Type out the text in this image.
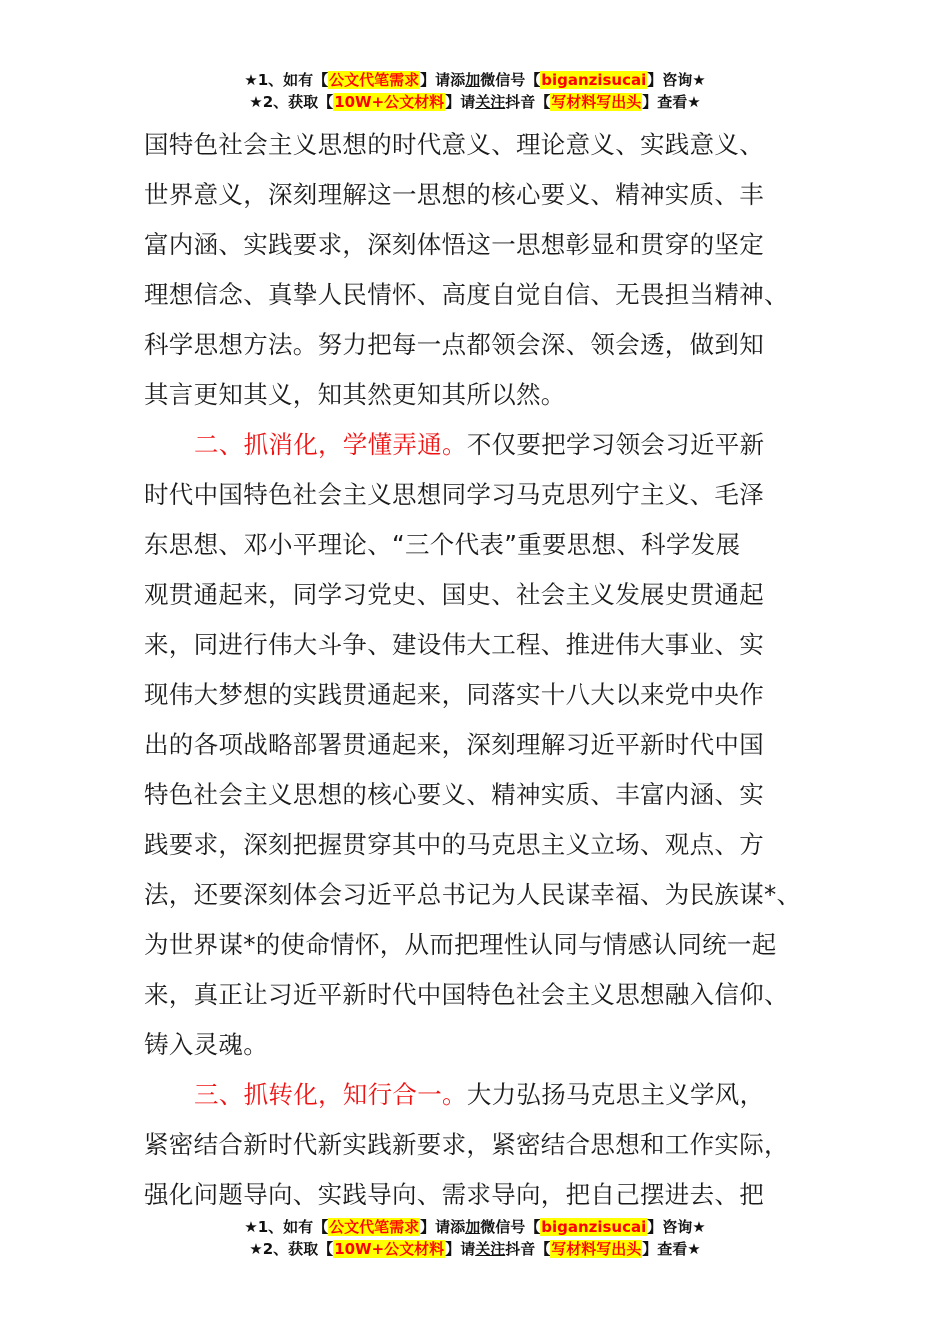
★1、如有【公文代笔需求】请添加微信号【biganzisucai】咨询★
★2、获取【10W+公文材料】请关注抖音【写材料写出头】查看★

国特色社会主义思想的时代意义、理论意义、实践意义、
世界意义，深刻理解这一思想的核心要义、精神实质、丰
富内涵、实践要求，深刻体悟这一思想彰显和贯穿的坚定
理想信念、真挚人民情怀、高度自觉自信、无畏担当精神、
科学思想方法。努力把每一点都领会深、领会透，做到知
其言更知其义，知其然更知其所以然。

二、抓消化，学懂弄通。不仅要把学习领会习近平新
时代中国特色社会主义思想同学习马克思列宁主义、毛泽
东思想、邓小平理论、“三个代表”重要思想、科学发展
观贯通起来，同学习党史、国史、社会主义发展史贯通起
来，同进行伟大斗争、建设伟大工程、推进伟大事业、实
现伟大梦想的实践贯通起来，同落实十八大以来党中央作
出的各项战略部署贯通起来，深刻理解习近平新时代中国
特色社会主义思想的核心要义、精神实质、丰富内涵、实
践要求，深刻把握贯穿其中的马克思主义立场、观点、方
法，还要深刻体会习近平总书记为人民谋幸福、为民族谋*、
为世界谋*的使命情怀，从而把理性认同与情感认同统一起
来，真正让习近平新时代中国特色社会主义思想融入信仰、
铸入灵魂。

三、抓转化，知行合一。大力弘扬马克思主义学风，
紧密结合新时代新实践新要求，紧密结合思想和工作实际，
强化问题导向、实践导向、需求导向，把自己摆进去、把

★1、如有【公文代笔需求】请添加微信号【biganzisucai】咨询★
★2、获取【10W+公文材料】请关注抖音【写材料写出头】查看★
